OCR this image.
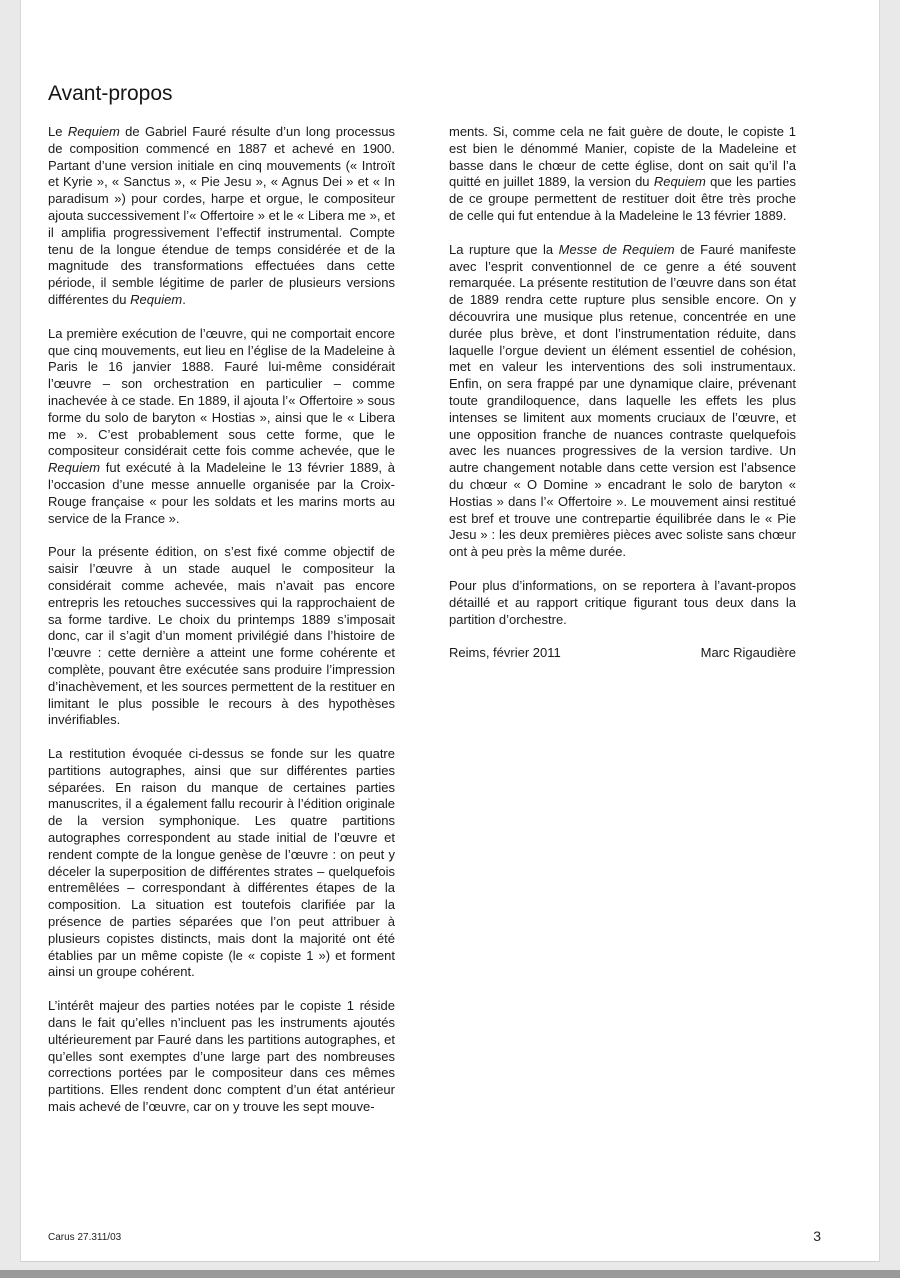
Avant-propos

Le Requiem de Gabriel Fauré résulte d’un long processus de composition commencé en 1887 et achevé en 1900. Partant d’une version initiale en cinq mouvements (« Introït et Kyrie », « Sanctus », « Pie Jesu », « Agnus Dei » et « In paradisum ») pour cordes, harpe et orgue, le compositeur ajouta successivement l’« Offertoire » et le « Libera me », et il amplifia progressivement l’effectif instrumental. Compte tenu de la longue étendue de temps considérée et de la magnitude des transformations effectuées dans cette période, il semble légitime de parler de plusieurs versions différentes du Requiem.

La première exécution de l’œuvre, qui ne comportait encore que cinq mouvements, eut lieu en l’église de la Madeleine à Paris le 16 janvier 1888. Fauré lui-même considérait l’œuvre – son orchestration en particulier – comme inachevée à ce stade. En 1889, il ajouta l’« Offertoire » sous forme du solo de baryton « Hostias », ainsi que le « Libera me ». C’est probablement sous cette forme, que le compositeur considérait cette fois comme achevée, que le Requiem fut exécuté à la Madeleine le 13 février 1889, à l’occasion d’une messe annuelle organisée par la Croix-Rouge française « pour les soldats et les marins morts au service de la France ».

Pour la présente édition, on s’est fixé comme objectif de saisir l’œuvre à un stade auquel le compositeur la considérait comme achevée, mais n’avait pas encore entrepris les retouches successives qui la rapprochaient de sa forme tardive. Le choix du printemps 1889 s’imposait donc, car il s’agit d’un moment privilégié dans l’histoire de l’œuvre : cette dernière a atteint une forme cohérente et complète, pouvant être exécutée sans produire l’impression d’inachèvement, et les sources permettent de la restituer en limitant le plus possible le recours à des hypothèses invérifiables.

La restitution évoquée ci-dessus se fonde sur les quatre partitions autographes, ainsi que sur différentes parties séparées. En raison du manque de certaines parties manuscrites, il a également fallu recourir à l’édition originale de la version symphonique. Les quatre partitions autographes correspondent au stade initial de l’œuvre et rendent compte de la longue genèse de l’œuvre : on peut y déceler la superposition de différentes strates – quelquefois entremêlées – correspondant à différentes étapes de la composition. La situation est toutefois clarifiée par la présence de parties séparées que l’on peut attribuer à plusieurs copistes distincts, mais dont la majorité ont été établies par un même copiste (le « copiste 1 ») et forment ainsi un groupe cohérent.

L’intérêt majeur des parties notées par le copiste 1 réside dans le fait qu’elles n’incluent pas les instruments ajoutés ultérieurement par Fauré dans les partitions autographes, et qu’elles sont exemptes d’une large part des nombreuses corrections portées par le compositeur dans ces mêmes partitions. Elles rendent donc comptent d’un état antérieur mais achevé de l’œuvre, car on y trouve les sept mouve-

ments. Si, comme cela ne fait guère de doute, le copiste 1 est bien le dénommé Manier, copiste de la Madeleine et basse dans le chœur de cette église, dont on sait qu’il l’a quitté en juillet 1889, la version du Requiem que les parties de ce groupe permettent de restituer doit être très proche de celle qui fut entendue à la Madeleine le 13 février 1889.

La rupture que la Messe de Requiem de Fauré manifeste avec l’esprit conventionnel de ce genre a été souvent remarquée. La présente restitution de l’œuvre dans son état de 1889 rendra cette rupture plus sensible encore. On y découvrira une musique plus retenue, concentrée en une durée plus brève, et dont l’instrumentation réduite, dans laquelle l’orgue devient un élément essentiel de cohésion, met en valeur les interventions des soli instrumentaux. Enfin, on sera frappé par une dynamique claire, prévenant toute grandiloquence, dans laquelle les effets les plus intenses se limitent aux moments cruciaux de l’œuvre, et une opposition franche de nuances contraste quelquefois avec les nuances progressives de la version tardive. Un autre changement notable dans cette version est l’absence du chœur « O Domine » encadrant le solo de baryton « Hostias » dans l’« Offertoire ». Le mouvement ainsi restitué est bref et trouve une contrepartie équilibrée dans le « Pie Jesu » : les deux premières pièces avec soliste sans chœur ont à peu près la même durée.

Pour plus d’informations, on se reportera à l’avant-propos détaillé et au rapport critique figurant tous deux dans la partition d’orchestre.

Reims, février 2011	Marc Rigaudière
Carus 27.311/03	3
